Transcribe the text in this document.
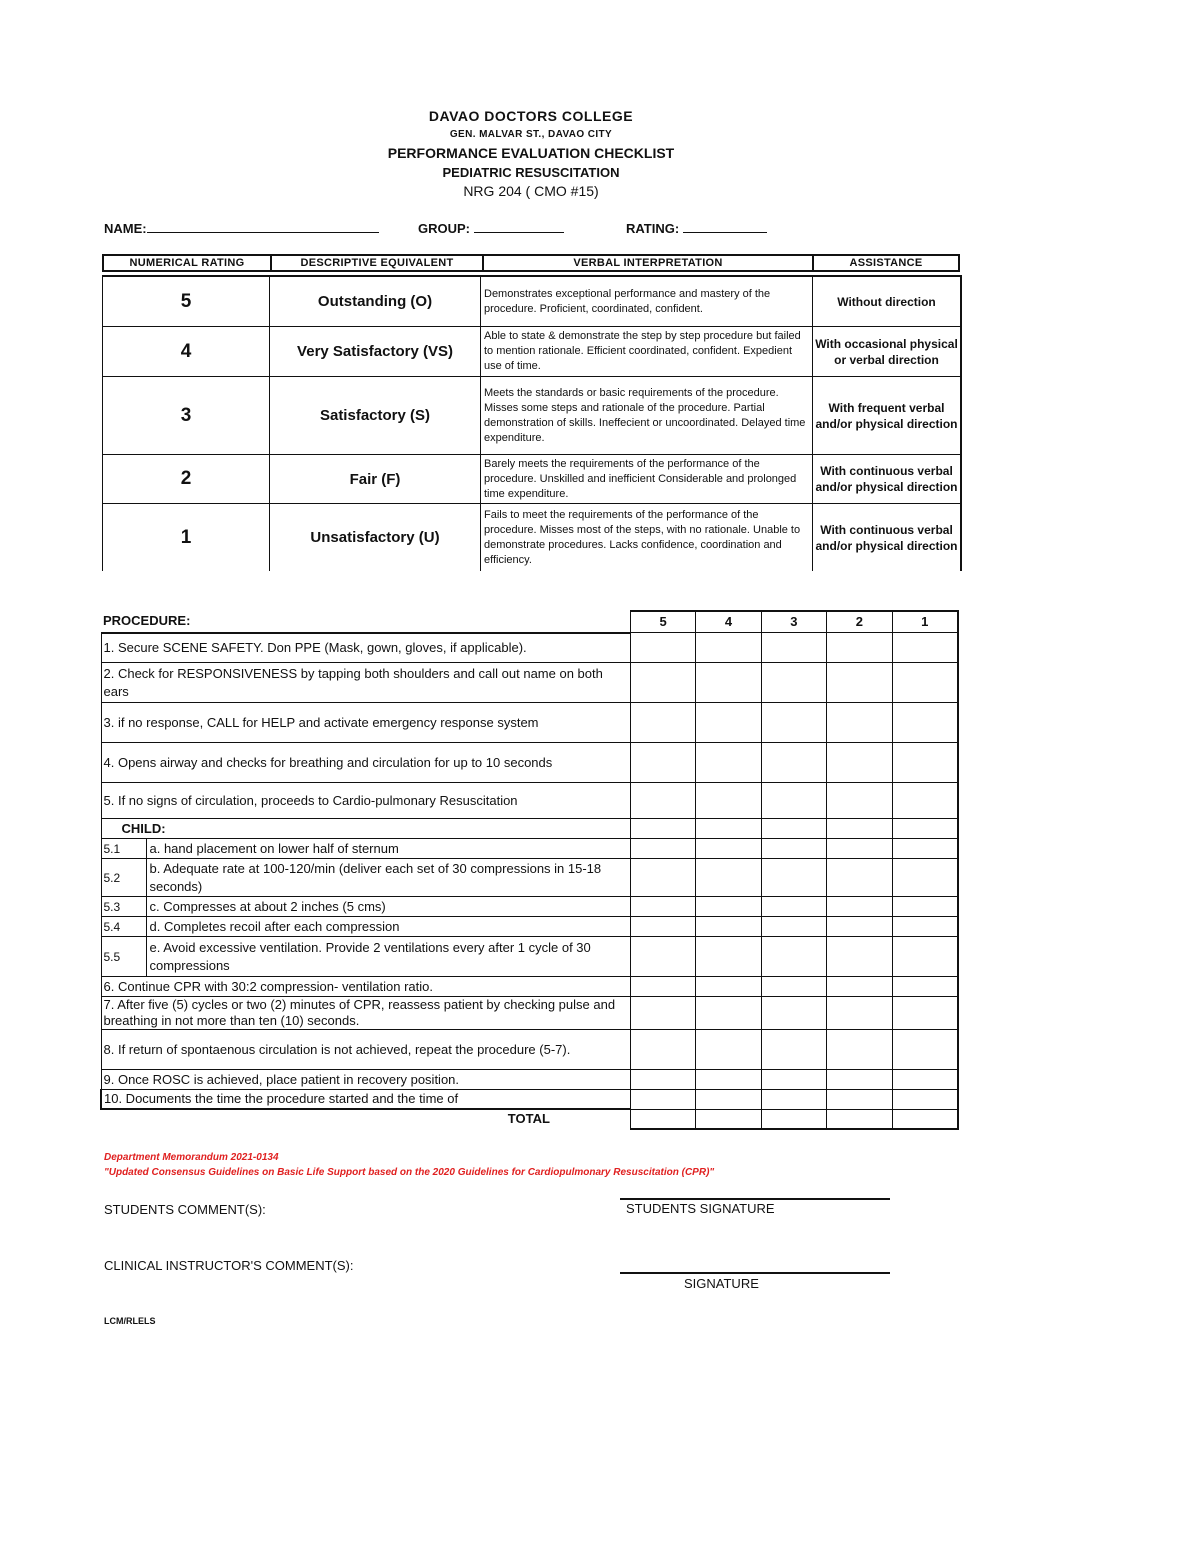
DAVAO DOCTORS COLLEGE
GEN. MALVAR ST., DAVAO CITY
PERFORMANCE EVALUATION CHECKLIST
PEDIATRIC RESUSCITATION
NRG 204 ( CMO #15)
NAME:	GROUP:	RATING:
NUMERICAL RATING	DESCRIPTIVE EQUIVALENT	VERBAL INTERPRETATION	ASSISTANCE
5	Outstanding (O)	Demonstrates exceptional performance and mastery of the procedure. Proficient, coordinated, confident.	Without direction
4	Very Satisfactory (VS)	Able to state & demonstrate the step by step procedure but failed to mention rationale. Efficient coordinated, confident. Expedient use of time.	With occasional physical or verbal direction
3	Satisfactory (S)	Meets the standards or basic requirements of the procedure. Misses some steps and rationale of the procedure. Partial demonstration of skills. Ineffecient or uncoordinated. Delayed time expenditure.	With frequent verbal and/or physical direction
2	Fair (F)	Barely meets the requirements of the performance of the procedure. Unskilled and inefficient Considerable and prolonged time expenditure.	With continuous verbal and/or physical direction
1	Unsatisfactory (U)	Fails to meet the requirements of the performance of the procedure. Misses most of the steps, with no rationale. Unable to demonstrate procedures. Lacks confidence, coordination and efficiency.	With continuous verbal and/or physical direction
PROCEDURE:		5	4	3	2	1
1. Secure SCENE SAFETY. Don PPE (Mask, gown, gloves, if applicable).						
2. Check for RESPONSIVENESS by tapping both shoulders and call out name on both ears						
3. if no response, CALL for HELP and activate emergency response system						
4. Opens airway and checks for breathing and circulation for up to 10 seconds						
5. If no signs of circulation, proceeds to Cardio-pulmonary Resuscitation						
CHILD:						
5.1	a. hand placement on lower half of sternum					
5.2	b. Adequate rate at 100-120/min (deliver each set of 30 compressions in 15-18 seconds)					
5.3	c. Compresses at about 2 inches (5 cms)					
5.4	d. Completes recoil after each compression					
5.5	e. Avoid excessive ventilation. Provide 2 ventilations every after 1 cycle of 30 compressions					
6. Continue CPR with 30:2 compression- ventilation ratio.						
7. After five (5) cycles or two (2) minutes of CPR, reassess patient by checking pulse and breathing in not more than ten (10) seconds.						
8. If return of spontaenous circulation is not achieved, repeat the procedure (5-7).						
9. Once ROSC is achieved, place patient in recovery position.						
10. Documents the time the procedure started and the time of						
TOTAL						
Department Memorandum 2021-0134
"Updated Consensus Guidelines on Basic Life Support based on the 2020 Guidelines for Cardiopulmonary Resuscitation (CPR)"
STUDENTS COMMENT(S):	STUDENTS SIGNATURE
CLINICAL INSTRUCTOR'S COMMENT(S):
SIGNATURE
LCM/RLELS
